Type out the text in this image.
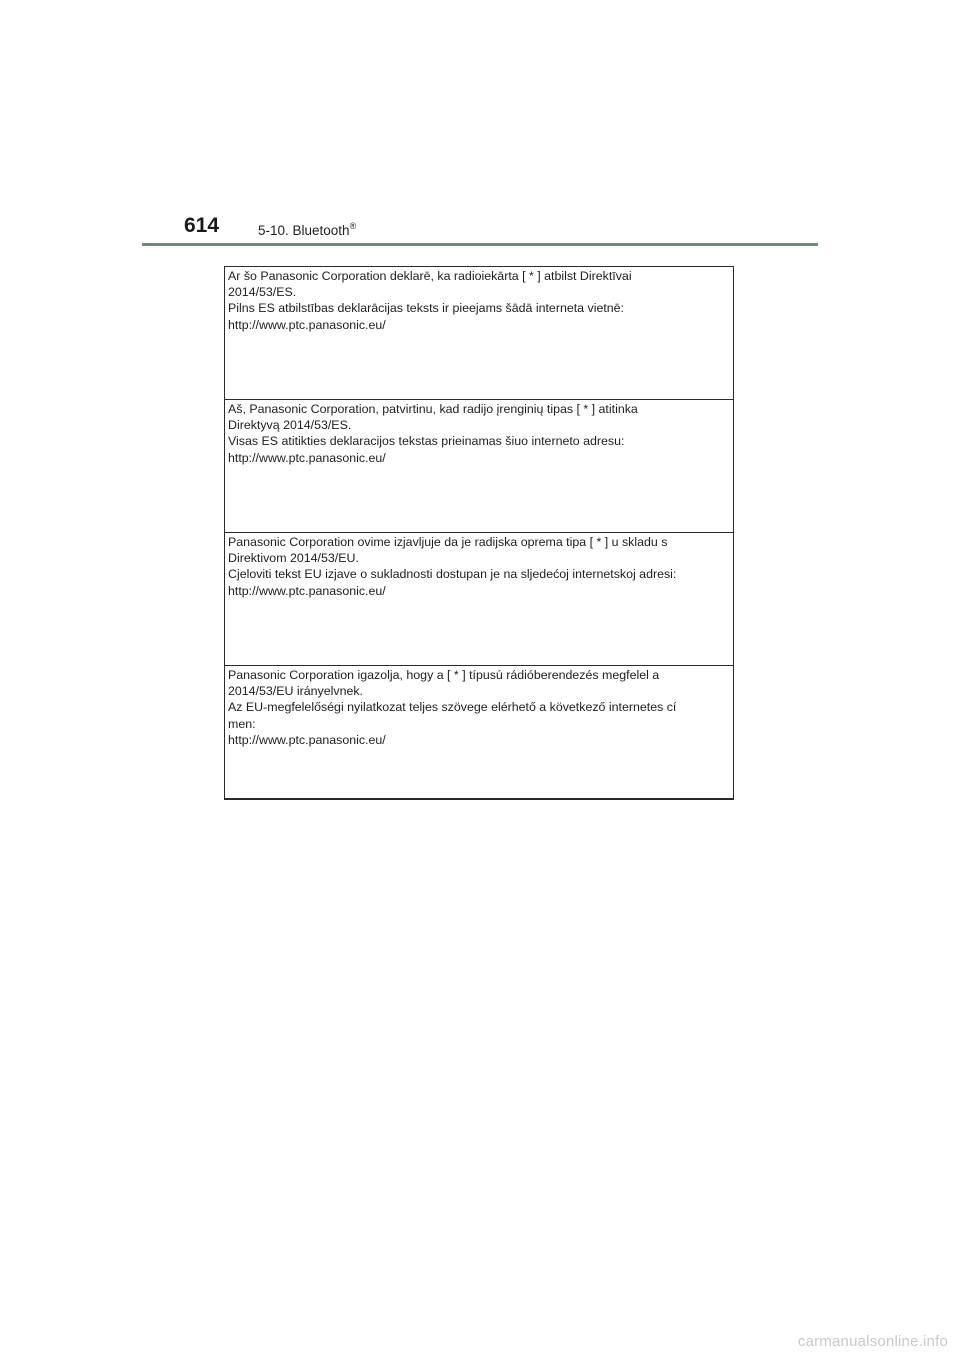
614	5-10. Bluetooth®
Ar šo Panasonic Corporation deklarē, ka radioiekārta [ * ] atbilst Direktīvai
2014/53/ES.
Pilns ES atbilstības deklarācijas teksts ir pieejams šādā interneta vietnē:
http://www.ptc.panasonic.eu/
Aš, Panasonic Corporation, patvirtinu, kad radijo įrenginių tipas [ * ] atitinka
Direktyvą 2014/53/ES.
Visas ES atitikties deklaracijos tekstas prieinamas šiuo interneto adresu:
http://www.ptc.panasonic.eu/
Panasonic Corporation ovime izjavljuje da je radijska oprema tipa [ * ] u skladu s
Direktivom 2014/53/EU.
Cjeloviti tekst EU izjave o sukladnosti dostupan je na sljedećoj internetskoj adresi:
http://www.ptc.panasonic.eu/
Panasonic Corporation igazolja, hogy a [ * ] típusú rádióberendezés megfelel a
2014/53/EU irányelvnek.
Az EU-megfelelőségi nyilatkozat teljes szövege elérhető a következő internetes cí
men:
http://www.ptc.panasonic.eu/
carmanualsonline.info
